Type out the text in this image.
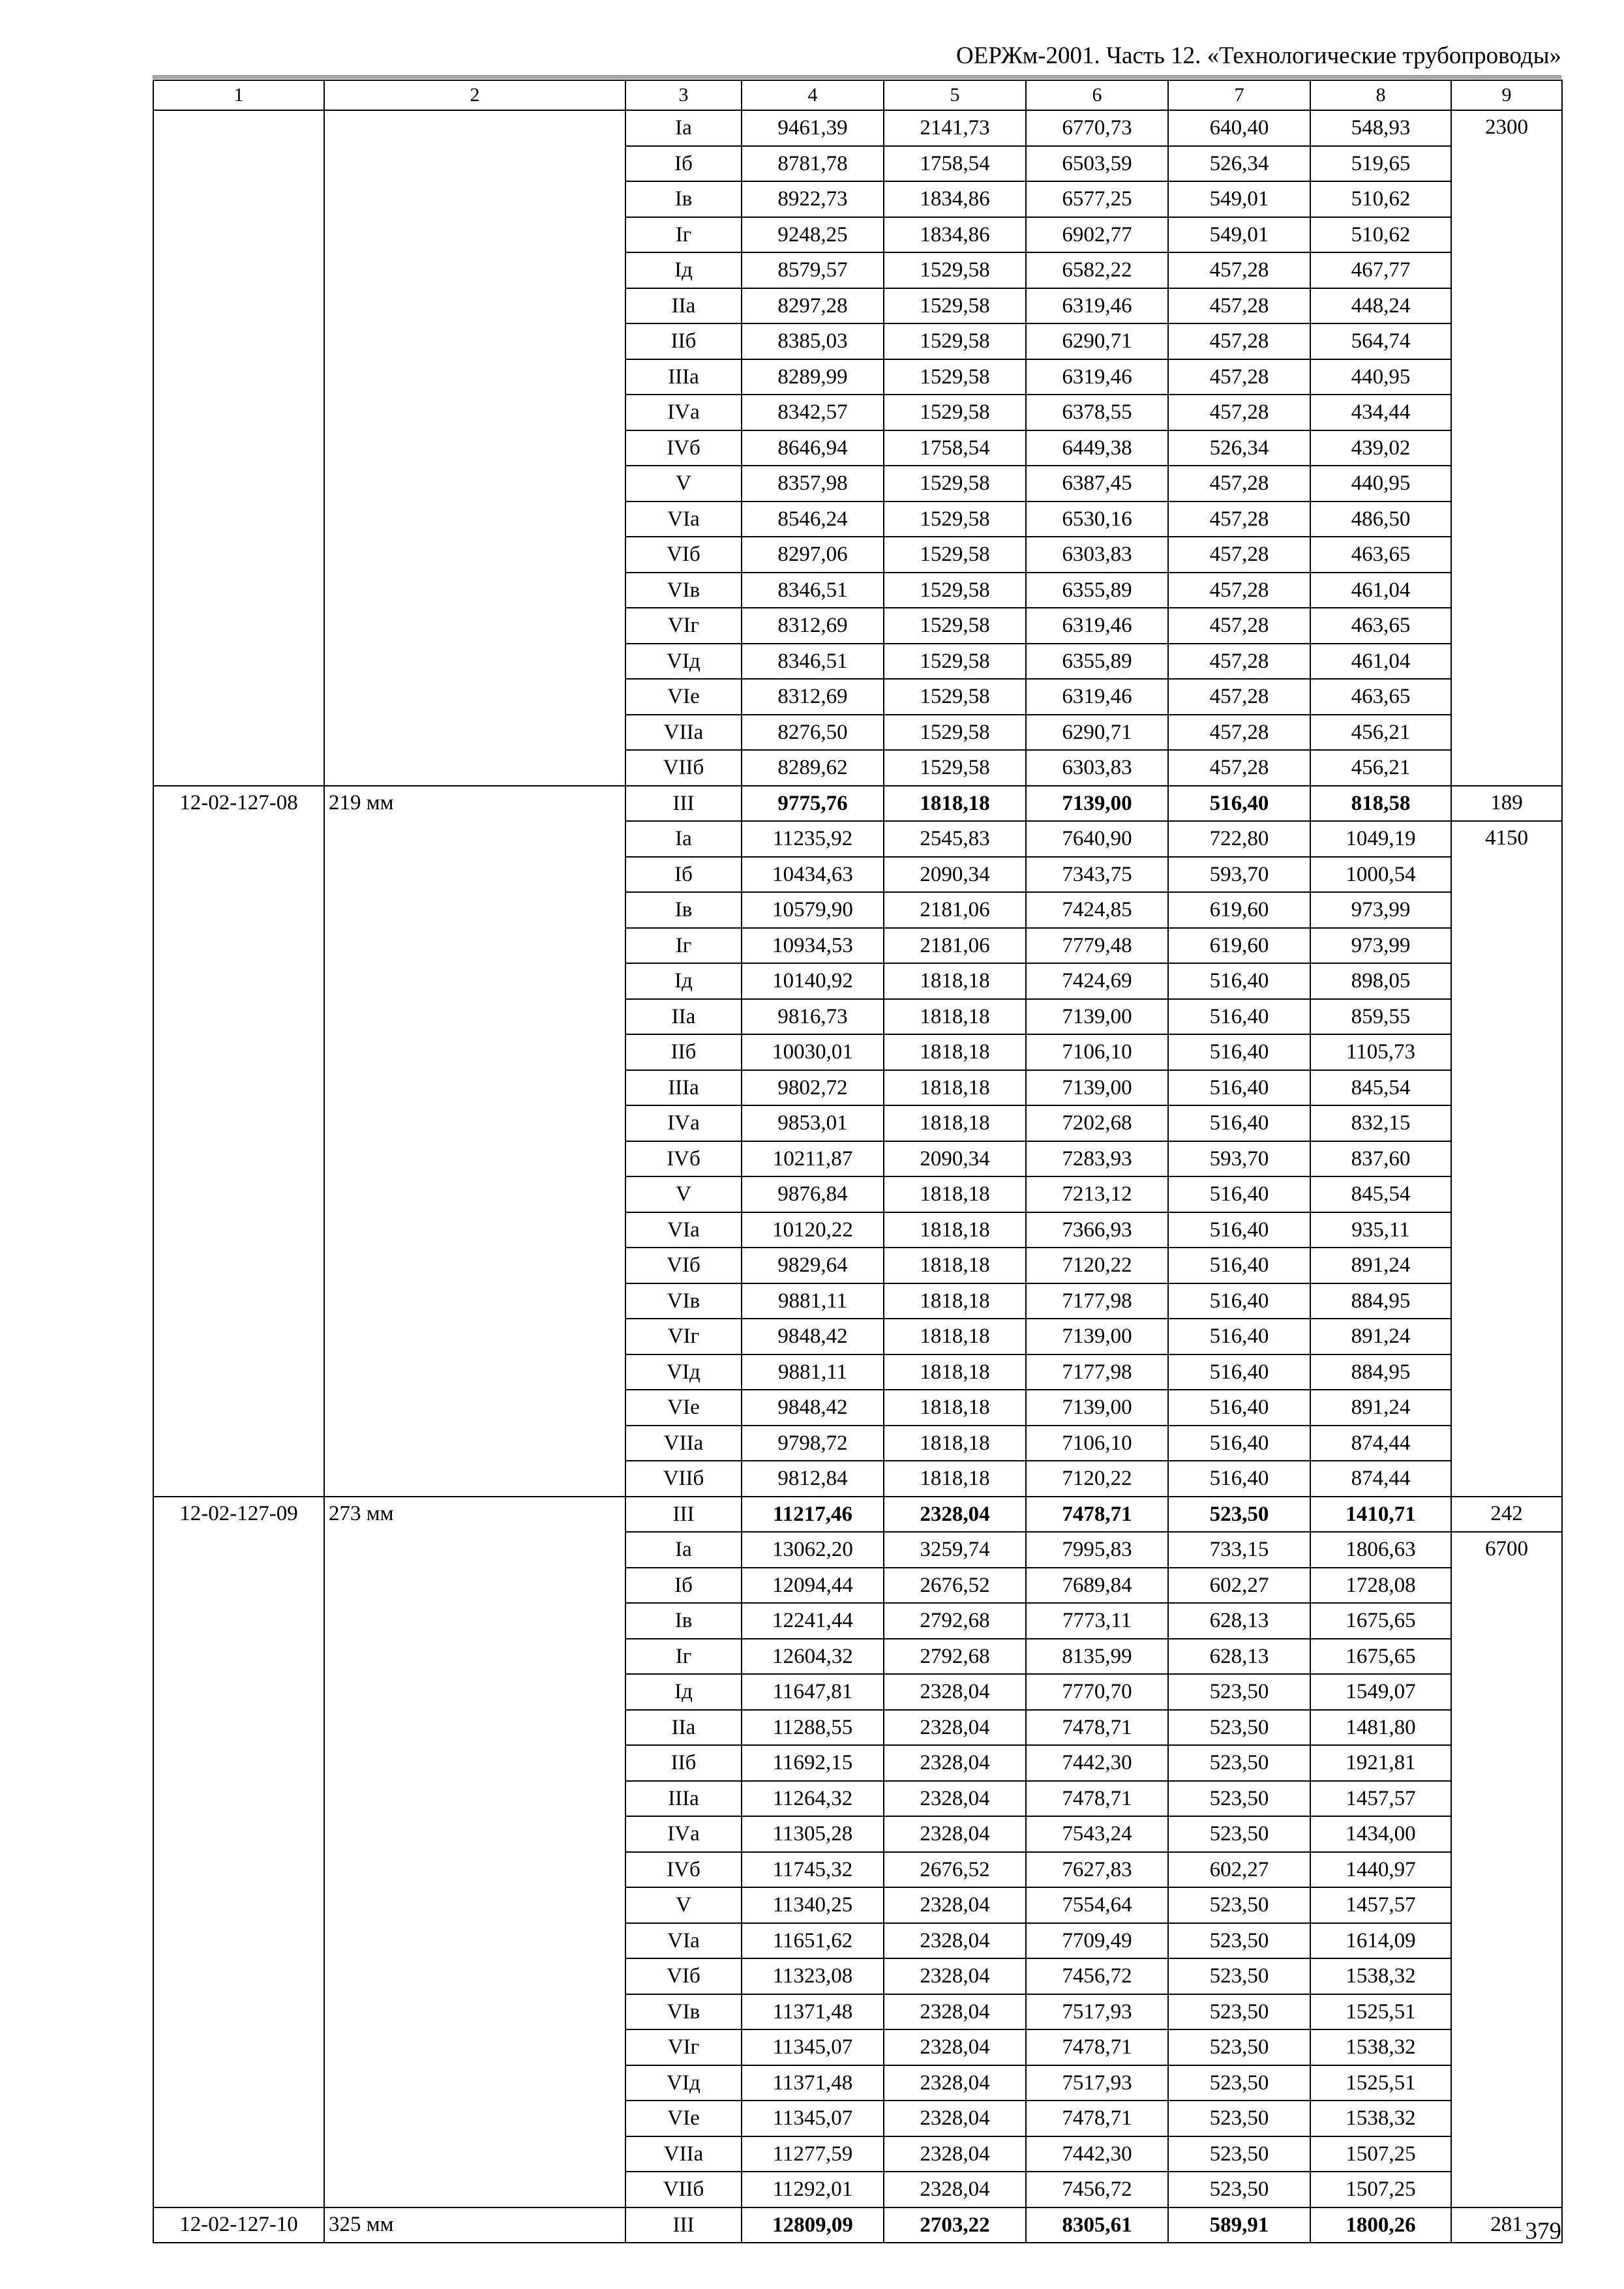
ОЕРЖм-2001. Часть 12. «Технологические трубопроводы»
1	2	3	4	5	6	7	8	9
		Iа	9461,39	2141,73	6770,73	640,40	548,93	2300
		Iб	8781,78	1758,54	6503,59	526,34	519,65	
		Iв	8922,73	1834,86	6577,25	549,01	510,62	
		Iг	9248,25	1834,86	6902,77	549,01	510,62	
		Iд	8579,57	1529,58	6582,22	457,28	467,77	
		IIа	8297,28	1529,58	6319,46	457,28	448,24	
		IIб	8385,03	1529,58	6290,71	457,28	564,74	
		IIIа	8289,99	1529,58	6319,46	457,28	440,95	
		IVа	8342,57	1529,58	6378,55	457,28	434,44	
		IVб	8646,94	1758,54	6449,38	526,34	439,02	
		V	8357,98	1529,58	6387,45	457,28	440,95	
		VIа	8546,24	1529,58	6530,16	457,28	486,50	
		VIб	8297,06	1529,58	6303,83	457,28	463,65	
		VIв	8346,51	1529,58	6355,89	457,28	461,04	
		VIг	8312,69	1529,58	6319,46	457,28	463,65	
		VIд	8346,51	1529,58	6355,89	457,28	461,04	
		VIе	8312,69	1529,58	6319,46	457,28	463,65	
		VIIа	8276,50	1529,58	6290,71	457,28	456,21	
		VIIб	8289,62	1529,58	6303,83	457,28	456,21	
12-02-127-08	219 мм	III	9775,76	1818,18	7139,00	516,40	818,58	189
		Iа	11235,92	2545,83	7640,90	722,80	1049,19	4150
		Iб	10434,63	2090,34	7343,75	593,70	1000,54	
		Iв	10579,90	2181,06	7424,85	619,60	973,99	
		Iг	10934,53	2181,06	7779,48	619,60	973,99	
		Iд	10140,92	1818,18	7424,69	516,40	898,05	
		IIа	9816,73	1818,18	7139,00	516,40	859,55	
		IIб	10030,01	1818,18	7106,10	516,40	1105,73	
		IIIа	9802,72	1818,18	7139,00	516,40	845,54	
		IVа	9853,01	1818,18	7202,68	516,40	832,15	
		IVб	10211,87	2090,34	7283,93	593,70	837,60	
		V	9876,84	1818,18	7213,12	516,40	845,54	
		VIа	10120,22	1818,18	7366,93	516,40	935,11	
		VIб	9829,64	1818,18	7120,22	516,40	891,24	
		VIв	9881,11	1818,18	7177,98	516,40	884,95	
		VIг	9848,42	1818,18	7139,00	516,40	891,24	
		VIд	9881,11	1818,18	7177,98	516,40	884,95	
		VIе	9848,42	1818,18	7139,00	516,40	891,24	
		VIIа	9798,72	1818,18	7106,10	516,40	874,44	
		VIIб	9812,84	1818,18	7120,22	516,40	874,44	
12-02-127-09	273 мм	III	11217,46	2328,04	7478,71	523,50	1410,71	242
		Iа	13062,20	3259,74	7995,83	733,15	1806,63	6700
		Iб	12094,44	2676,52	7689,84	602,27	1728,08	
		Iв	12241,44	2792,68	7773,11	628,13	1675,65	
		Iг	12604,32	2792,68	8135,99	628,13	1675,65	
		Iд	11647,81	2328,04	7770,70	523,50	1549,07	
		IIа	11288,55	2328,04	7478,71	523,50	1481,80	
		IIб	11692,15	2328,04	7442,30	523,50	1921,81	
		IIIа	11264,32	2328,04	7478,71	523,50	1457,57	
		IVа	11305,28	2328,04	7543,24	523,50	1434,00	
		IVб	11745,32	2676,52	7627,83	602,27	1440,97	
		V	11340,25	2328,04	7554,64	523,50	1457,57	
		VIа	11651,62	2328,04	7709,49	523,50	1614,09	
		VIб	11323,08	2328,04	7456,72	523,50	1538,32	
		VIв	11371,48	2328,04	7517,93	523,50	1525,51	
		VIг	11345,07	2328,04	7478,71	523,50	1538,32	
		VIд	11371,48	2328,04	7517,93	523,50	1525,51	
		VIе	11345,07	2328,04	7478,71	523,50	1538,32	
		VIIа	11277,59	2328,04	7442,30	523,50	1507,25	
		VIIб	11292,01	2328,04	7456,72	523,50	1507,25	
12-02-127-10	325 мм	III	12809,09	2703,22	8305,61	589,91	1800,26	281 379
